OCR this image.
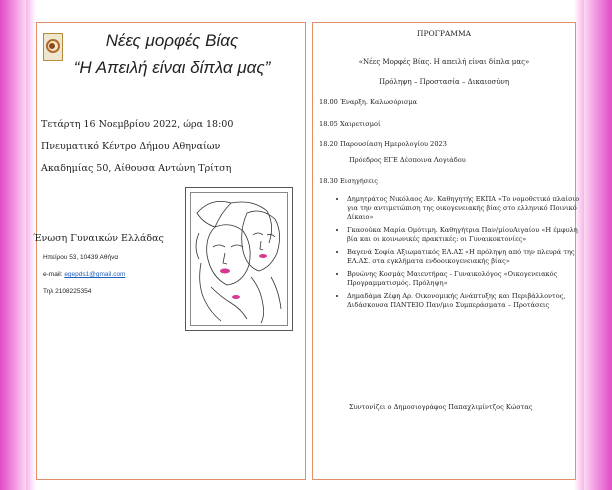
Νέες μορφές Βίας
“Η Απειλή είναι δίπλα μας”
Τετάρτη 16 Νοεμβρίου 2022, ώρα 18:00
Πνευματικό Κέντρο Δήμου Αθηναίων
Ακαδημίας 50, Αίθουσα Αντώνη Τρίτση
Ένωση Γυναικών Ελλάδας
Ηπείρου 53, 10439 Αθήνα
e-mail: egepds1@gmail.com
Τηλ 2108225354
ΠΡΟΓΡΑΜΜΑ
«Νέες Μορφές Βίας. Η απειλή είναι δίπλα μας»
Πρόληψη – Προστασία – Δικαιοσύνη
18.00 Έναρξη. Καλωσόρισμα
18.05 Χαιρετισμοί
18.20 Παρουσίαση Ημερολογίου 2023
Πρόεδρος ΕΓΕ Δέσποινα Λογιάδου
18.30 Εισηγήσεις
• Δημητράτος Νικόλαος Αν. Καθηγητής ΕΚΠΑ «Το νομοθετικό πλαίσιο για την αντιμετώπιση της οικογενειακής βίας στο ελληνικό Ποινικό Δίκαιο»
• Γκασούκα Μαρία Ομότιμη. Καθηγήτρια Παν/μίουΑιγαίου «Η έμφυλη βία και οι κοινωνικές πρακτικές: οι Γυναικοκτονίες»
• Βαγενά Σοφία Αξιωματικός ΕΛ.ΑΣ «Η πρόληψη από την πλευρά της ΕΛ.ΑΣ. στα εγκλήματα ενδοοικογενειακής βίας»
• Βρυώνης Κοσμάς Μαιευτήρας - Γυναικολόγος «Οικογενειακός Προγραμματισμός. Πρόληψη»
• Δημαδάμα Ζέφη Αρ. Οικονομικής Ανάπτυξης και Περιβάλλοντος, Διδάσκουσα ΠΑΝΤΕΙΟ Παν/μιο Συμπεράσματα – Προτάσεις
Συντονίζει ο Δημοσιογράφος Παπαχλιμίντζος Κώστας
